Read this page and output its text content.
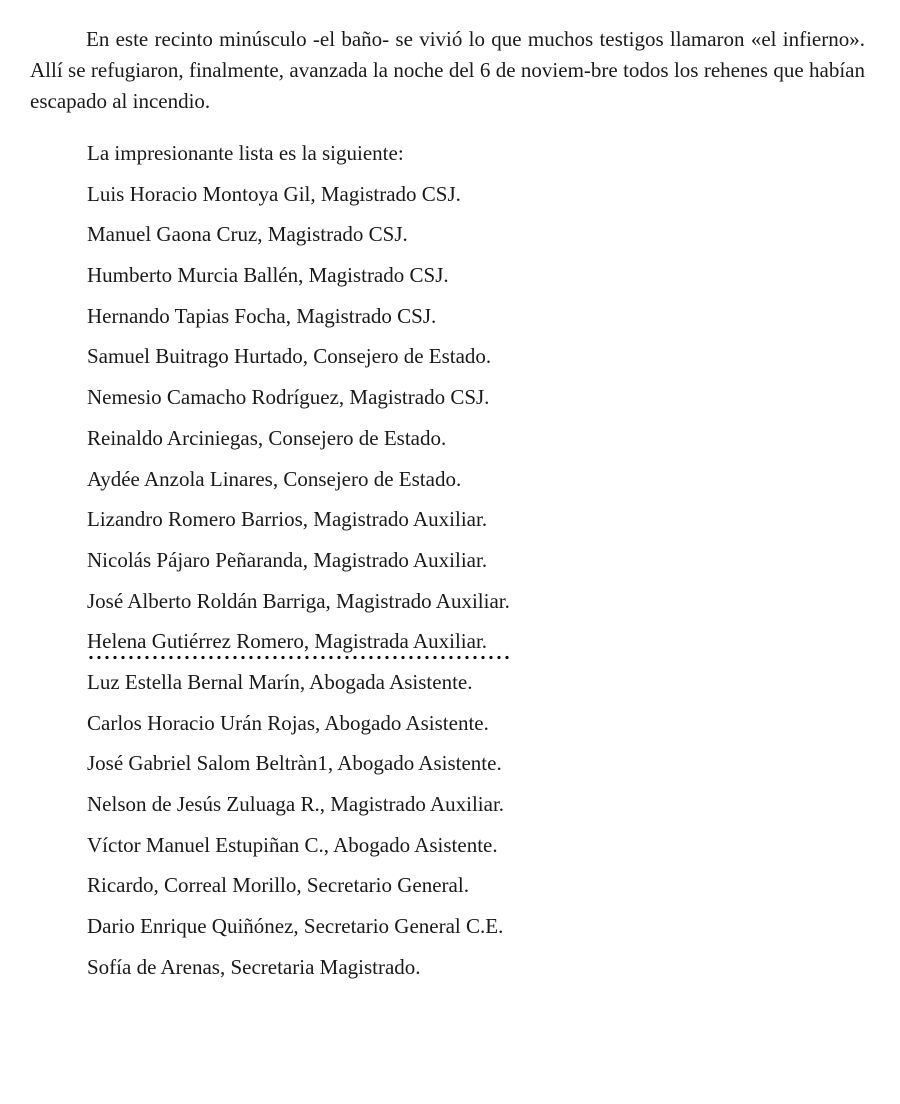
En este recinto minúsculo -el baño- se vivió lo que muchos testigos llamaron «el infierno». Allí se refugiaron, finalmente, avanzada la noche del 6 de noviem-bre todos los rehenes que habían escapado al incendio.

La impresionante lista es la siguiente:
Luis Horacio Montoya Gil, Magistrado CSJ.
Manuel Gaona Cruz, Magistrado CSJ.
Humberto Murcia Ballén, Magistrado CSJ.
Hernando Tapias Focha, Magistrado CSJ.
Samuel Buitrago Hurtado, Consejero de Estado.
Nemesio Camacho Rodríguez, Magistrado CSJ.
Reinaldo Arciniegas, Consejero de Estado.
Aydée Anzola Linares, Consejero de Estado.
Lizandro Romero Barrios, Magistrado Auxiliar.
Nicolás Pájaro Peñaranda, Magistrado Auxiliar.
José Alberto Roldán Barriga, Magistrado Auxiliar.
Helena Gutiérrez Romero, Magistrada Auxiliar.
Luz Estella Bernal Marín, Abogada Asistente.
Carlos Horacio Urán Rojas, Abogado Asistente.
José Gabriel Salom Beltràn1, Abogado Asistente.
Nelson de Jesús Zuluaga R., Magistrado Auxiliar.
Víctor Manuel Estupiñan C., Abogado Asistente.
Ricardo, Correal Morillo, Secretario General.
Dario Enrique Quiñónez, Secretario General C.E.
Sofía de Arenas, Secretaria Magistrado.
